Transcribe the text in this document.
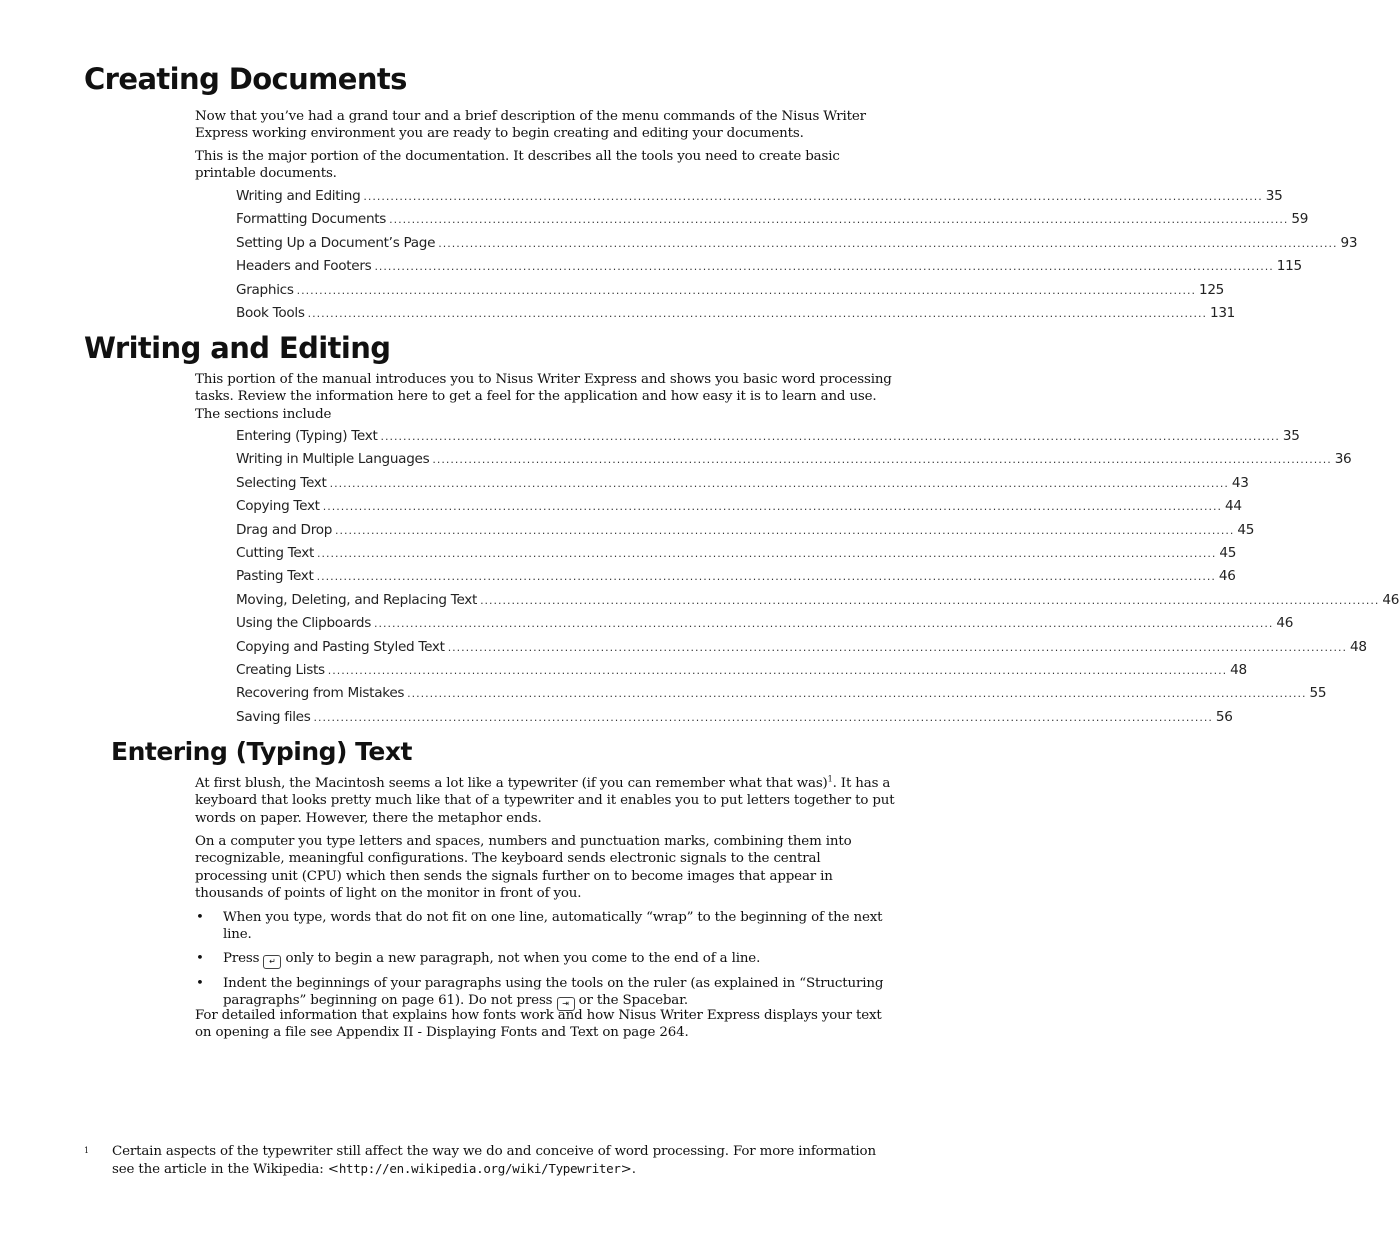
Creating Documents

Now that you’ve had a grand tour and a brief description of the menu commands of the Nisus Writer Express working environment you are ready to begin creating and editing your documents.

This is the major portion of the documentation. It describes all the tools you need to create basic printable documents.

Writing and Editing ........................................................................................................................................................................................................ 35
Formatting Documents ........................................................................................................................................................................................................ 59
Setting Up a Document’s Page ........................................................................................................................................................................................................ 93
Headers and Footers ........................................................................................................................................................................................................ 115
Graphics ........................................................................................................................................................................................................ 125
Book Tools ........................................................................................................................................................................................................ 131
Writing and Editing

This portion of the manual introduces you to Nisus Writer Express and shows you basic word processing tasks. Review the information here to get a feel for the application and how easy it is to learn and use. The sections include

Entering (Typing) Text ........................................................................................................................................................................................................ 35
Writing in Multiple Languages ........................................................................................................................................................................................................ 36
Selecting Text ........................................................................................................................................................................................................ 43
Copying Text ........................................................................................................................................................................................................ 44
Drag and Drop ........................................................................................................................................................................................................ 45
Cutting Text ........................................................................................................................................................................................................ 45
Pasting Text ........................................................................................................................................................................................................ 46
Moving, Deleting, and Replacing Text ........................................................................................................................................................................................................ 46
Using the Clipboards ........................................................................................................................................................................................................ 46
Copying and Pasting Styled Text ........................................................................................................................................................................................................ 48
Creating Lists ........................................................................................................................................................................................................ 48
Recovering from Mistakes ........................................................................................................................................................................................................ 55
Saving files ........................................................................................................................................................................................................ 56
Entering (Typing) Text

At first blush, the Macintosh seems a lot like a typewriter (if you can remember what that was)$^1$. It has a keyboard that looks pretty much like that of a typewriter and it enables you to put letters together to put words on paper. However, there the metaphor ends.

On a computer you type letters and spaces, numbers and punctuation marks, combining them into recognizable, meaningful configurations. The keyboard sends electronic signals to the central processing unit (CPU) which then sends the signals further on to become images that appear in thousands of points of light on the monitor in front of you.

• When you type, words that do not fit on one line, automatically “wrap” to the beginning of the next line.
• Press ↵ only to begin a new paragraph, not when you come to the end of a line.
• Indent the beginnings of your paragraphs using the tools on the ruler (as explained in “Structuring paragraphs” beginning on page 61). Do not press ⇥ or the Spacebar.

For detailed information that explains how fonts work and how Nisus Writer Express displays your text on opening a file see Appendix II - Displaying Fonts and Text on page 264.

1 Certain aspects of the typewriter still affect the way we do and conceive of word processing. For more information see the article in the Wikipedia: <http://en.wikipedia.org/wiki/Typewriter>.
